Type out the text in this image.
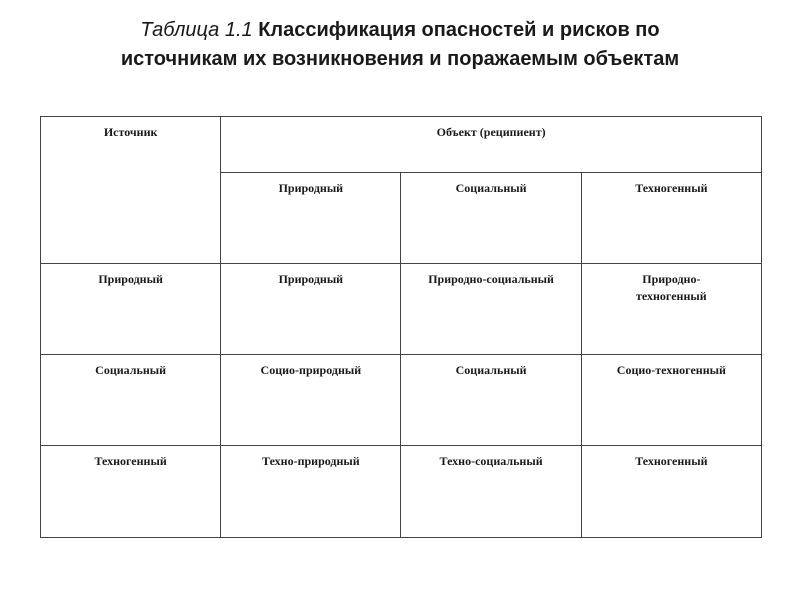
Таблица 1.1 Классификация опасностей и рисков по
источникам их возникновения и поражаемым объектам
Источник	Объект (реципиент)		
	Природный	Социальный	Техногенный
Природный	Природный	Природно-социальный	Природно-техногенный
Социальный	Социо-природный	Социальный	Социо-техногенный
Техногенный	Техно-природный	Техно-социальный	Техногенный
